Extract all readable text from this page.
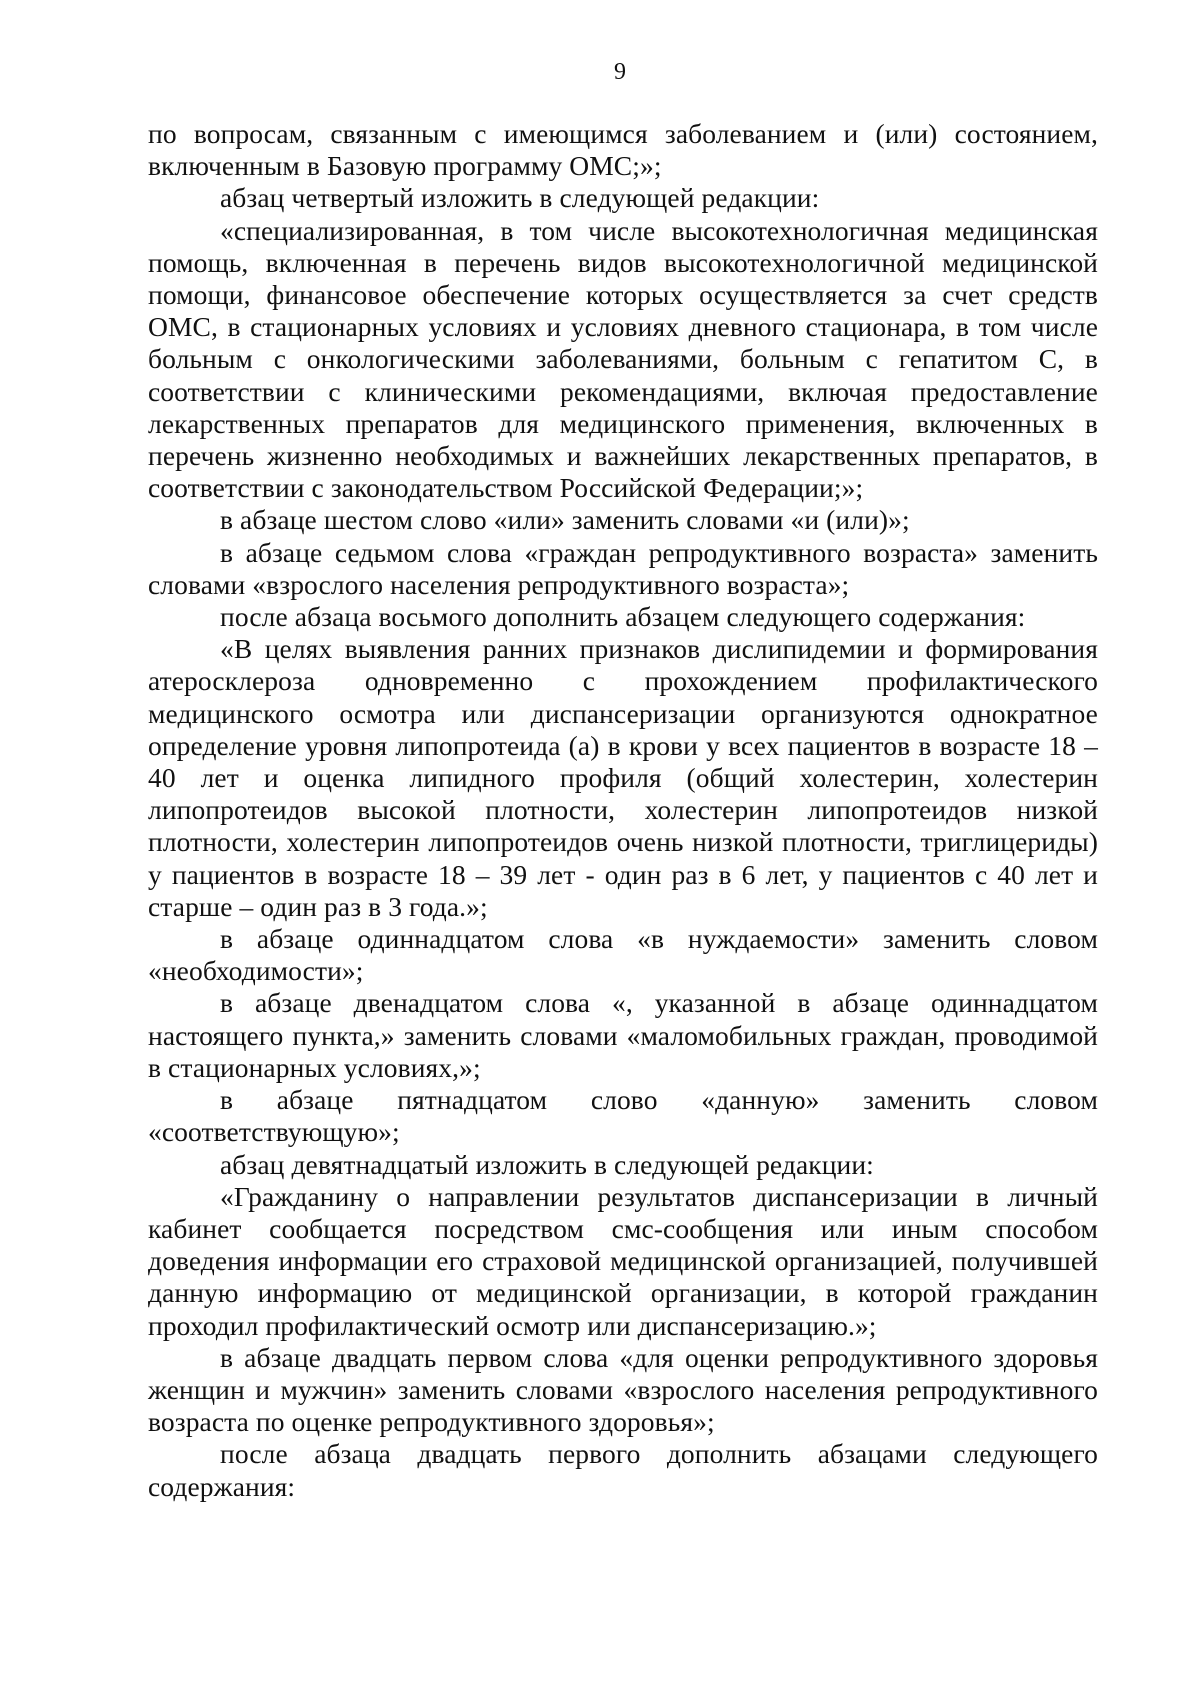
9

по вопросам, связанным с имеющимся заболеванием и (или) состоянием, включенным в Базовую программу ОМС;»;

абзац четвертый изложить в следующей редакции:

«специализированная, в том числе высокотехнологичная медицинская помощь, включенная в перечень видов высокотехнологичной медицинской помощи, финансовое обеспечение которых осуществляется за счет средств ОМС, в стационарных условиях и условиях дневного стационара, в том числе больным с онкологическими заболеваниями, больным с гепатитом С, в соответствии с клиническими рекомендациями, включая предоставление лекарственных препаратов для медицинского применения, включенных в перечень жизненно необходимых и важнейших лекарственных препаратов, в соответствии с законодательством Российской Федерации;»;

в абзаце шестом слово «или» заменить словами «и (или)»;

в абзаце седьмом слова «граждан репродуктивного возраста» заменить словами «взрослого населения репродуктивного возраста»;

после абзаца восьмого дополнить абзацем следующего содержания:

«В целях выявления ранних признаков дислипидемии и формирования атеросклероза одновременно с прохождением профилактического медицинского осмотра или диспансеризации организуются однократное определение уровня липопротеида (а) в крови у всех пациентов в возрасте 18 – 40 лет и оценка липидного профиля (общий холестерин, холестерин липопротеидов высокой плотности, холестерин липопротеидов низкой плотности, холестерин липопротеидов очень низкой плотности, триглицериды) у пациентов в возрасте 18 – 39 лет - один раз в 6 лет, у пациентов с 40 лет и старше – один раз в 3 года.»;

в абзаце одиннадцатом слова «в нуждаемости» заменить словом «необходимости»;

в абзаце двенадцатом слова «, указанной в абзаце одиннадцатом настоящего пункта,» заменить словами «маломобильных граждан, проводимой в стационарных условиях,»;

в абзаце пятнадцатом слово «данную» заменить словом «соответствующую»;

абзац девятнадцатый изложить в следующей редакции:

«Гражданину о направлении результатов диспансеризации в личный кабинет сообщается посредством смс-сообщения или иным способом доведения информации его страховой медицинской организацией, получившей данную информацию от медицинской организации, в которой гражданин проходил профилактический осмотр или диспансеризацию.»;

в абзаце двадцать первом слова «для оценки репродуктивного здоровья женщин и мужчин» заменить словами «взрослого населения репродуктивного возраста по оценке репродуктивного здоровья»;

после абзаца двадцать первого дополнить абзацами следующего содержания:
